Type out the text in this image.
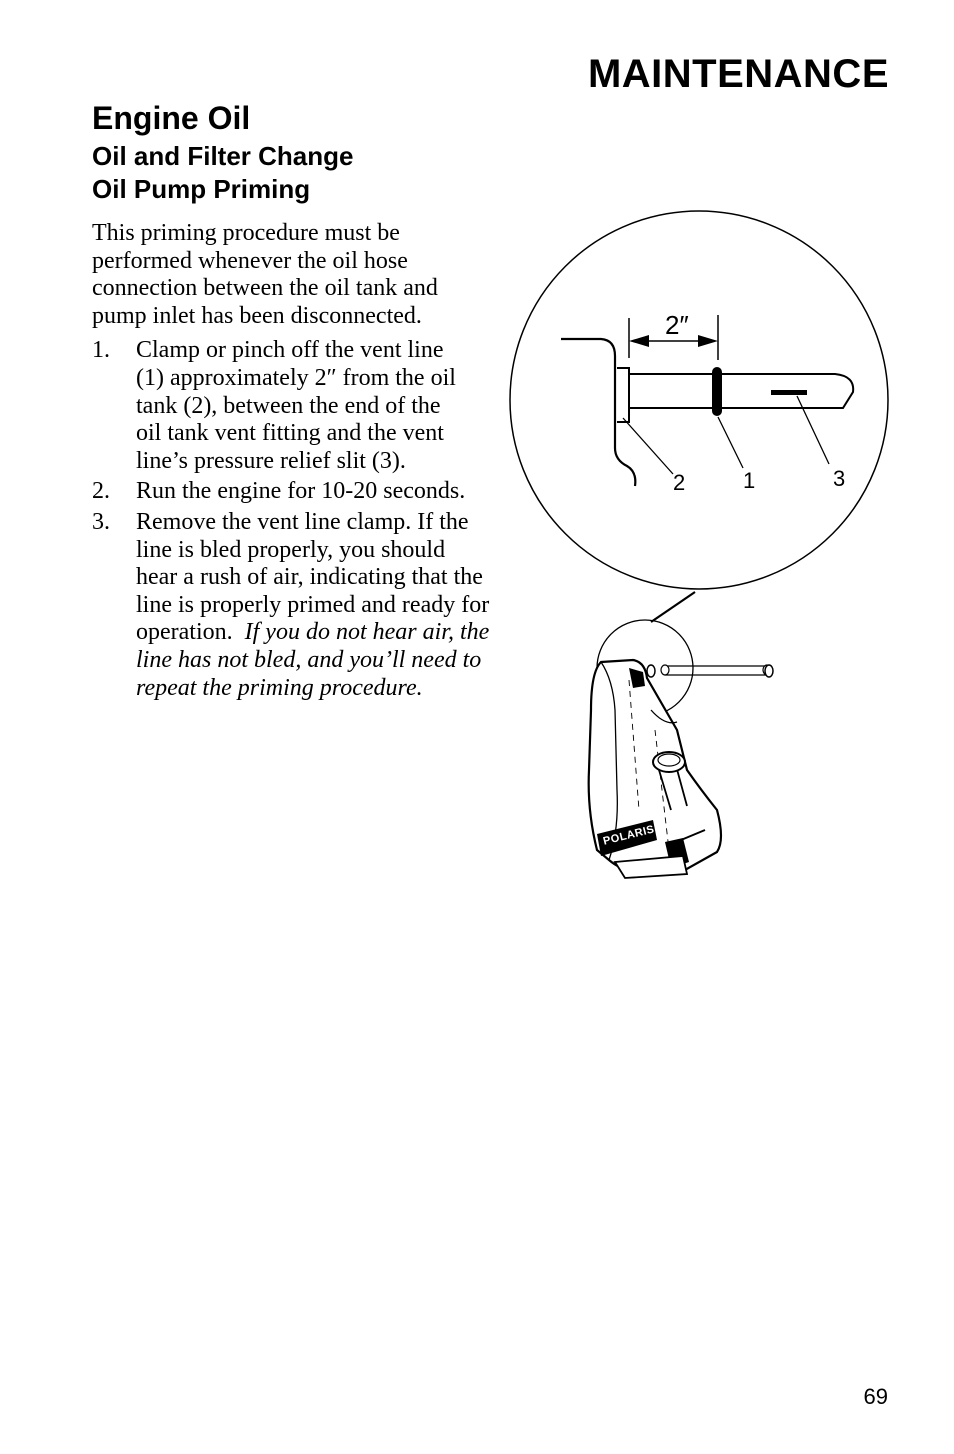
MAINTENANCE
Engine Oil
Oil and Filter Change
Oil Pump Priming

This priming procedure must be performed whenever the oil hose connection between the oil tank and pump inlet has been disconnected.

1. Clamp or pinch off the vent line (1) approximately 2″ from the oil tank (2), between the end of the oil tank vent fitting and the vent line’s pressure relief slit (3).
2. Run the engine for 10-20 seconds.
3. Remove the vent line clamp. If the line is bled properly, you should hear a rush of air, indicating that the line is properly primed and ready for operation.  If you do not hear air, the line has not bled, and you’ll need to repeat the priming procedure.
2″
2	1	3
POLARIS
69
